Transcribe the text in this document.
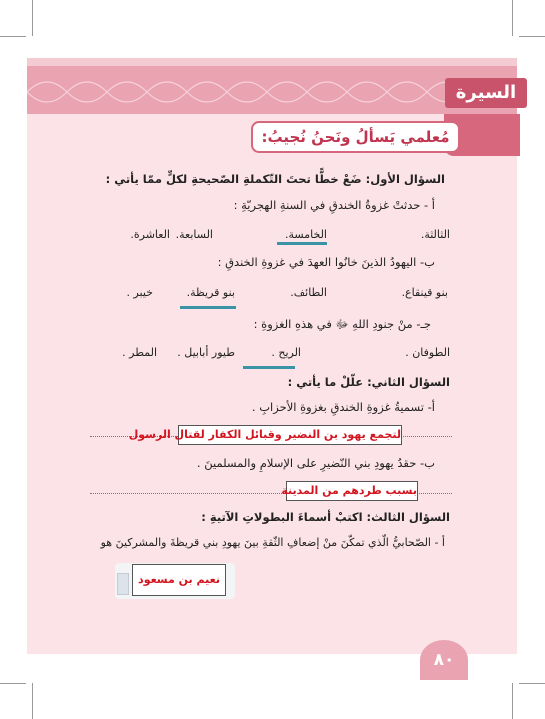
السيرة
مُعلمي يَسألُ ونَحنُ نُجيبُ:
السؤال الأول: ضَعْ خطًّا تحتَ التّكملةِ الصّحيحةِ لكلٍّ ممّا يأتي :
أ - حدثتْ غزوةُ الخندقِ في السنةِ الهجريّةِ :
الثالثة.
الخامسة.
السابعة.
العاشرة.
ب- اليهودُ الذينَ خانُوا العهدَ في غزوةِ الخندقِ :
بنو قينقاع.
الطائف.
بنو قريظة.
خيبر .
جـ- منْ جنودِ اللهِ ﷻ في هذهِ الغزوةِ :
الطوفان .
الريح .
طيور أبابيل .
المطر .
السؤال الثاني: علّلْ ما يأتي :
أ- تسميةُ غزوةِ الخندقِ بغزوةِ الأحزابِ .
لتجمع يهود بن النضير وقبائل الكفار لقتال الرسول
ب- حقدُ يهودِ بني النّضيرِ على الإسلامِ والمسلمينَ .
بسبب طردهم من المدينة
السؤال الثالث: اكتبْ أسماءَ البطولاتِ الآتيةِ :
أ - الصّحابيُّ الّذي تمكّنَ منْ إضعافِ الثّقةِ بينَ يهودِ بني قريظةَ والمشركينَ هو
نعيم بن مسعود
٨٠
